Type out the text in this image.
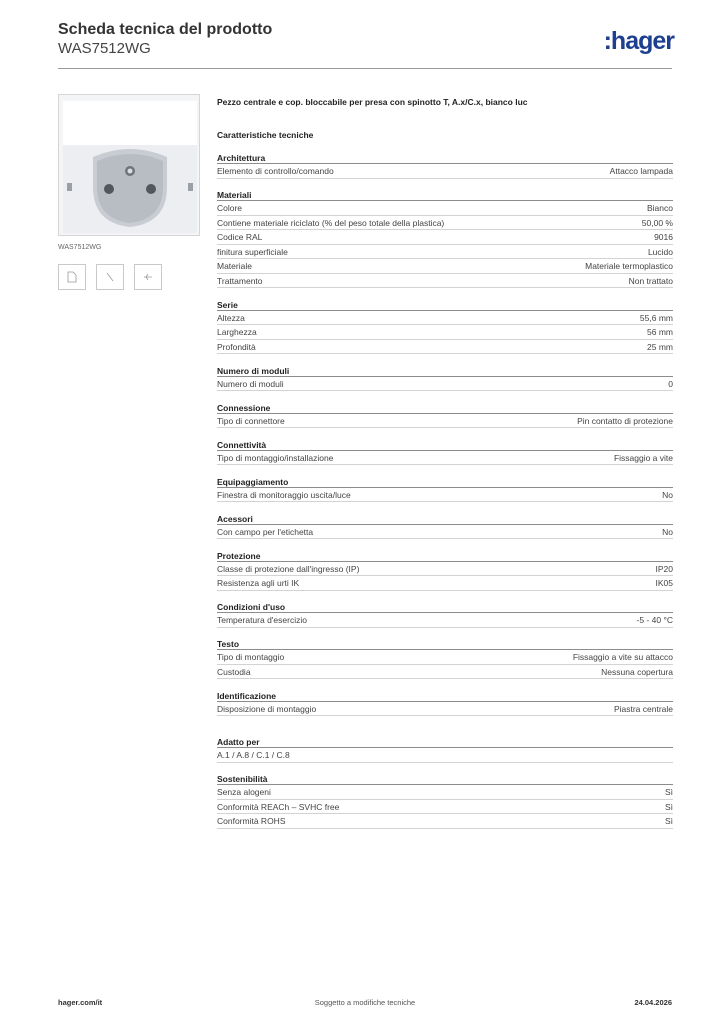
Scheda tecnica del prodotto
WAS7512WG	:hager
WAS7512WG
Pezzo centrale e cop. bloccabile per presa con spinotto T, A.x/C.x, bianco luc
Caratteristiche tecniche
Architettura
Elemento di controllo/comando	Attacco lampada
Materiali
Colore	Bianco
Contiene materiale riciclato (% del peso totale della plastica)	50,00 %
Codice RAL	9016
finitura superficiale	Lucido
Materiale	Materiale termoplastico
Trattamento	Non trattato
Serie
Altezza	55,6 mm
Larghezza	56 mm
Profondità	25 mm
Numero di moduli
Numero di moduli	0
Connessione
Tipo di connettore	Pin contatto di protezione
Connettività
Tipo di montaggio/installazione	Fissaggio a vite
Equipaggiamento
Finestra di monitoraggio uscita/luce	No
Acessori
Con campo per l'etichetta	No
Protezione
Classe di protezione dall'ingresso (IP)	IP20
Resistenza agli urti IK	IK05
Condizioni d'uso
Temperatura d'esercizio	-5 - 40 °C
Testo
Tipo di montaggio	Fissaggio a vite su attacco
Custodia	Nessuna copertura
Identificazione
Disposizione di montaggio	Piastra centrale
Adatto per
A.1 / A.8 / C.1 / C.8
Sostenibilità
Senza alogeni	Sì
Conformità REACh – SVHC free	Sì
Conformità ROHS	Sì
hager.com/it	Soggetto a modifiche tecniche	24.04.2026
